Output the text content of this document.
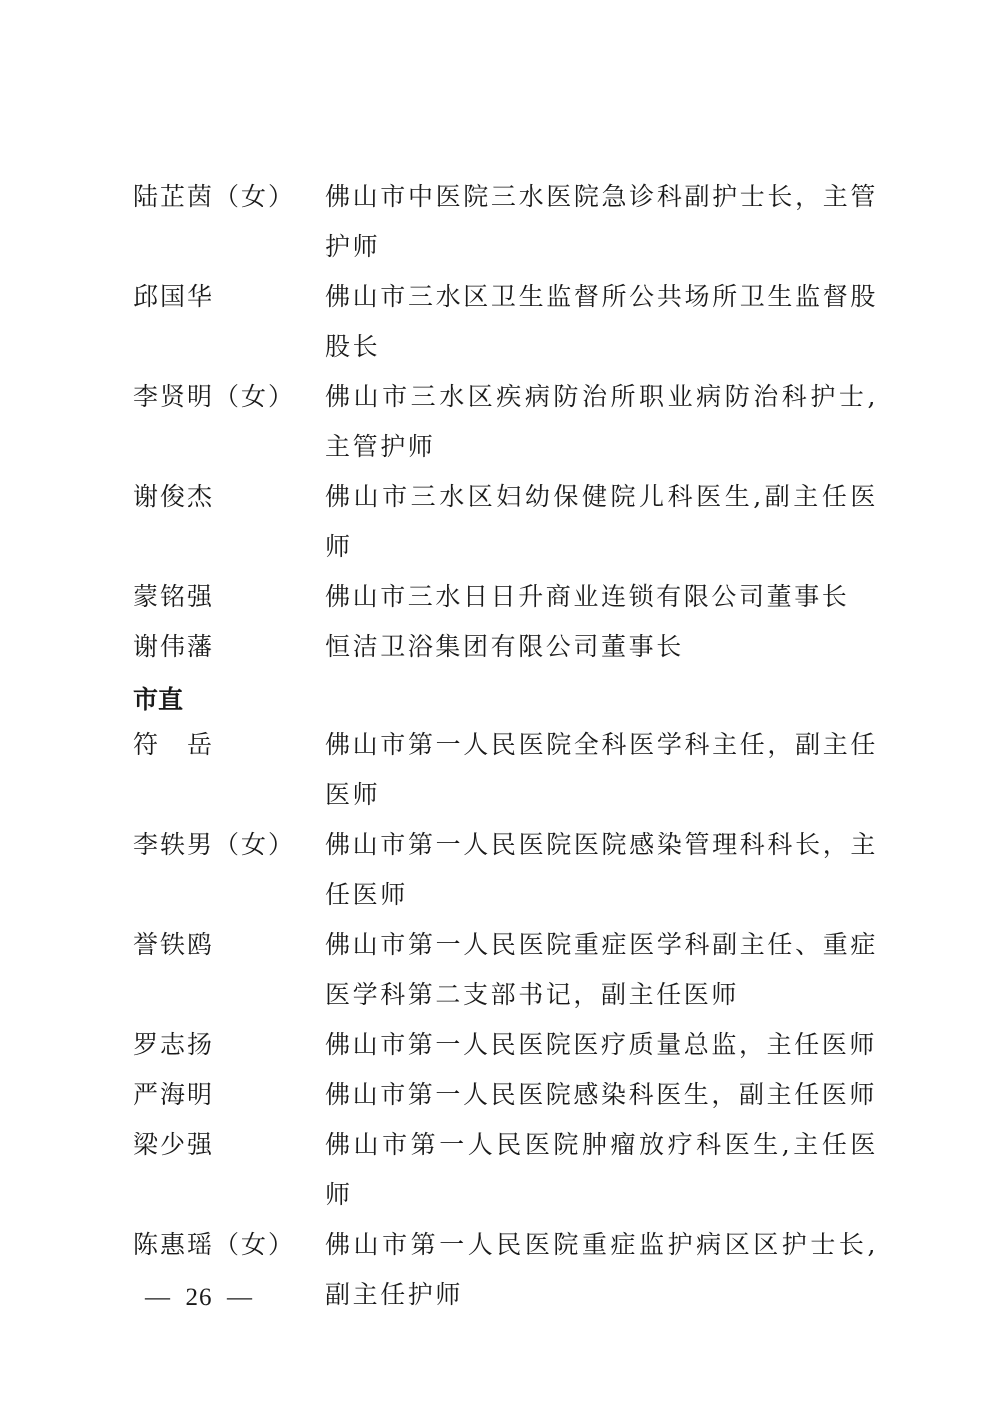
陆芷茵（女）	佛山市中医院三水医院急诊科副护士长，主管护师
邱国华	佛山市三水区卫生监督所公共场所卫生监督股股长
李贤明（女）	佛山市三水区疾病防治所职业病防治科护士,主管护师
谢俊杰	佛山市三水区妇幼保健院儿科医生,副主任医师
蒙铭强	佛山市三水日日升商业连锁有限公司董事长
谢伟藩	恒洁卫浴集团有限公司董事长
市直
符　岳	佛山市第一人民医院全科医学科主任，副主任医师
李轶男（女）	佛山市第一人民医院医院感染管理科科长，主任医师
誉铁鸥	佛山市第一人民医院重症医学科副主任、重症医学科第二支部书记，副主任医师
罗志扬	佛山市第一人民医院医疗质量总监，主任医师
严海明	佛山市第一人民医院感染科医生，副主任医师
梁少强	佛山市第一人民医院肿瘤放疗科医生,主任医师
陈惠瑶（女）	佛山市第一人民医院重症监护病区区护士长,副主任护师
—  26  —
